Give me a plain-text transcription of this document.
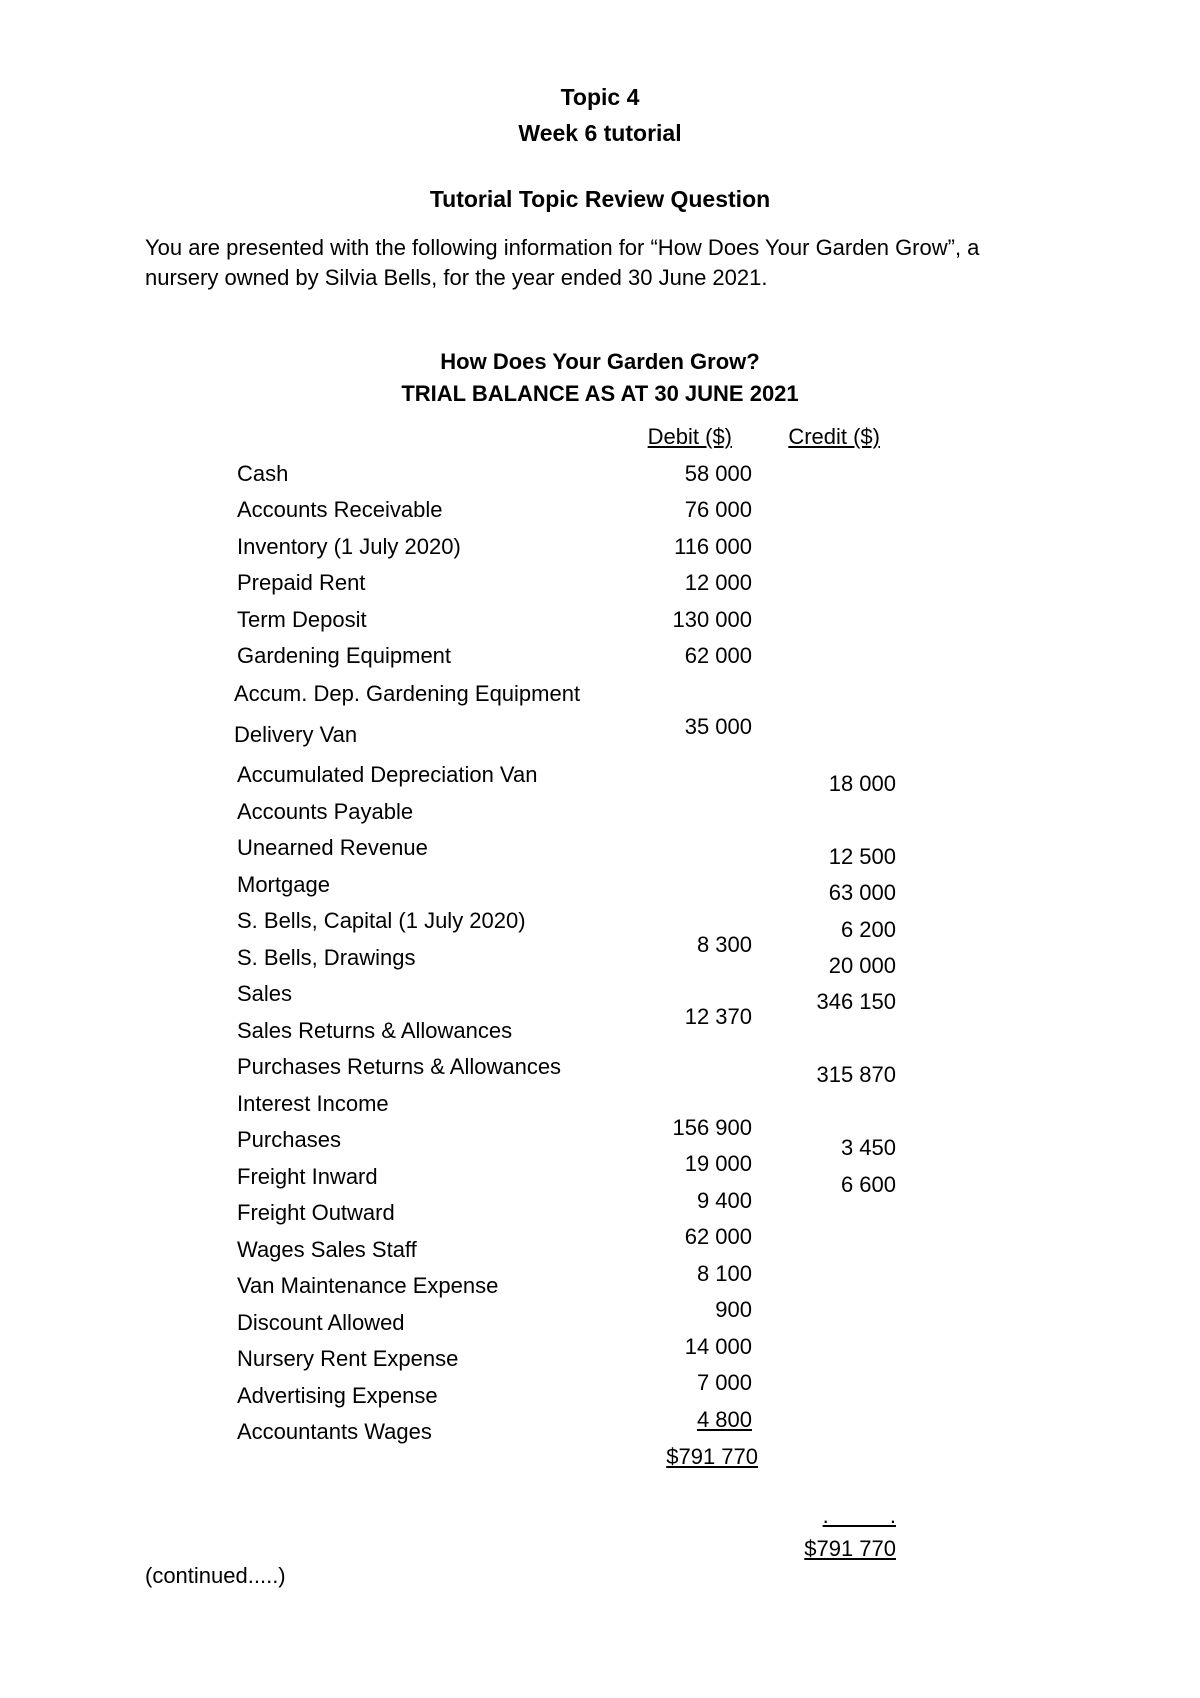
Topic 4
Week 6 tutorial
Tutorial Topic Review Question
You are presented with the following information for “How Does Your Garden Grow”, a
nursery owned by Silvia Bells, for the year ended 30 June 2021.
How Does Your Garden Grow?
TRIAL BALANCE AS AT 30 JUNE 2021
Debit ($)	Credit ($)
Cash
Accounts Receivable
Inventory (1 July 2020)
Prepaid Rent
Term Deposit
Gardening Equipment
Accum. Dep. Gardening Equipment
Delivery Van
Accumulated Depreciation Van
Accounts Payable
Unearned Revenue
Mortgage
S. Bells, Capital (1 July 2020)
S. Bells, Drawings
Sales
Sales Returns & Allowances
Purchases Returns & Allowances
Interest Income
Purchases
Freight Inward
Freight Outward
Wages Sales Staff
Van Maintenance Expense
Discount Allowed
Nursery Rent Expense
Advertising Expense
Accountants Wages
58 000
76 000
116 000
12 000
130 000
62 000
35 000
8 300
12 370
156 900
19 000
9 400
62 000
8 100
900
14 000
7 000
4 800
$791 770
18 000
12 500
63 000
6 200
20 000
346 150
315 870
3 450
6 600
.          .
$791 770
(continued.....)
